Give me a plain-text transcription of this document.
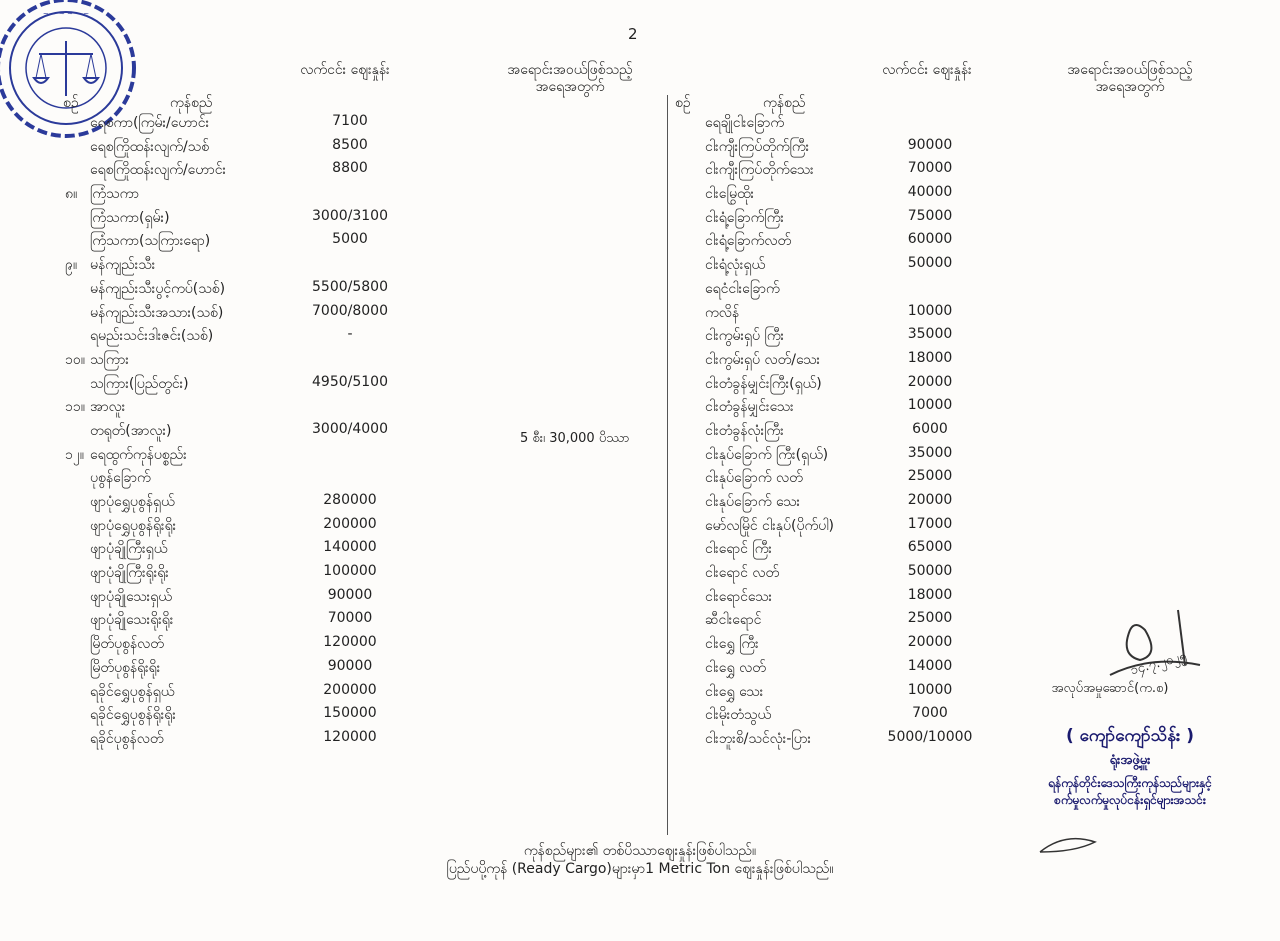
2
~ ~ ~ ~ ~ ~
စဉ်	ကုန်စည်
လက်ငင်း ဈေးနှုန်း	အရောင်းအဝယ်ဖြစ်သည့် အရေအတွက်
စဉ်	ကုန်စည်
လက်ငင်း ဈေးနှုန်း	အရောင်းအဝယ်ဖြစ်သည့် အရေအတွက်
ရေစကာ(ကြမ်း/ဟောင်း	7100
ရေစကြိုထန်းလျက်/သစ်	8500
ရေစကြိုထန်းလျက်/ဟောင်း	8800
၈။ ကြံသကာ
ကြံသကာ(ရှမ်း)	3000/3100
ကြံသကာ(သကြားရော)	5000
၉။ မန်ကျည်းသီး
မန်ကျည်းသီးပွင့်ကပ်(သစ်)	5500/5800
မန်ကျည်းသီးအသား(သစ်)	7000/8000
ရမည်းသင်းဒါးဇင်း(သစ်)	-
၁၀။ သကြား
သကြား(ပြည်တွင်း)	4950/5100
၁၁။ အာလူး
တရုတ်(အာလူး)	3000/4000
၁၂။ ရေထွက်ကုန်ပစ္စည်း
ပုစွန်ခြောက်
ဖျာပုံရွှေပုစွန်ရှယ်	280000
ဖျာပုံရွှေပုစွန်ရိုးရိုး	200000
ဖျာပုံချိုကြီးရှယ်	140000
ဖျာပုံချိုကြီးရိုးရိုး	100000
ဖျာပုံချိုသေးရှယ်	90000
ဖျာပုံချိုသေးရိုးရိုး	70000
မြိတ်ပုစွန်လတ်	120000
မြိတ်ပုစွန်ရိုးရိုး	90000
ရခိုင်ရွှေပုစွန်ရှယ်	200000
ရခိုင်ရွှေပုစွန်ရိုးရိုး	150000
ရခိုင်ပုစွန်လတ်	120000
5 စီး၊ 30,000 ပိဿာ
ရေချိုငါးခြောက်
ငါးကျီးကြပ်တိုက်ကြီး	90000
ငါးကျီးကြပ်တိုက်သေး	70000
ငါးမြွေထိုး	40000
ငါးရံ့ခြောက်ကြီး	75000
ငါးရံ့ခြောက်လတ်	60000
ငါးရံ့လုံးရှယ်	50000
ရေငံငါးခြောက်
ကလိန်	10000
ငါးကွမ်းရှပ် ကြီး	35000
ငါးကွမ်းရှပ် လတ်/သေး	18000
ငါးတံခွန်မျှင်းကြီး(ရှယ်)	20000
ငါးတံခွန်မျှင်းသေး	10000
ငါးတံခွန်လုံးကြီး	6000
ငါးနုပ်ခြောက် ကြီး(ရှယ်)	35000
ငါးနုပ်ခြောက် လတ်	25000
ငါးနုပ်ခြောက် သေး	20000
မော်လမြိုင် ငါးနုပ်(ပိုက်ပါ)	17000
ငါးရောင် ကြီး	65000
ငါးရောင် လတ်	50000
ငါးရောင်သေး	18000
ဆီငါးရောင်	25000
ငါးရွှေ ကြီး	20000
ငါးရွှေ လတ်	14000
ငါးရွှေ သေး	10000
ငါးမိုးတံသွယ်	7000
ငါးဘူးစိ/သင်လုံး-ပြား	5000/10000
၁၄.၇.၂၀၂၅
အလုပ်အမှုဆောင်(က.စ)
( ကျော်ကျော်သိန်း )
ရုံးအဖွဲ့မှူး
ရန်ကုန်တိုင်းဒေသကြီးကုန်သည်များနှင့်
စက်မှုလက်မှုလုပ်ငန်းရှင်များအသင်း
ကုန်စည်များ၏ တစ်ပိဿာဈေးနှုန်းဖြစ်ပါသည်။
ပြည်ပပို့ကုန် (Ready Cargo)များမှာ1 Metric Ton ဈေးနှုန်းဖြစ်ပါသည်။
